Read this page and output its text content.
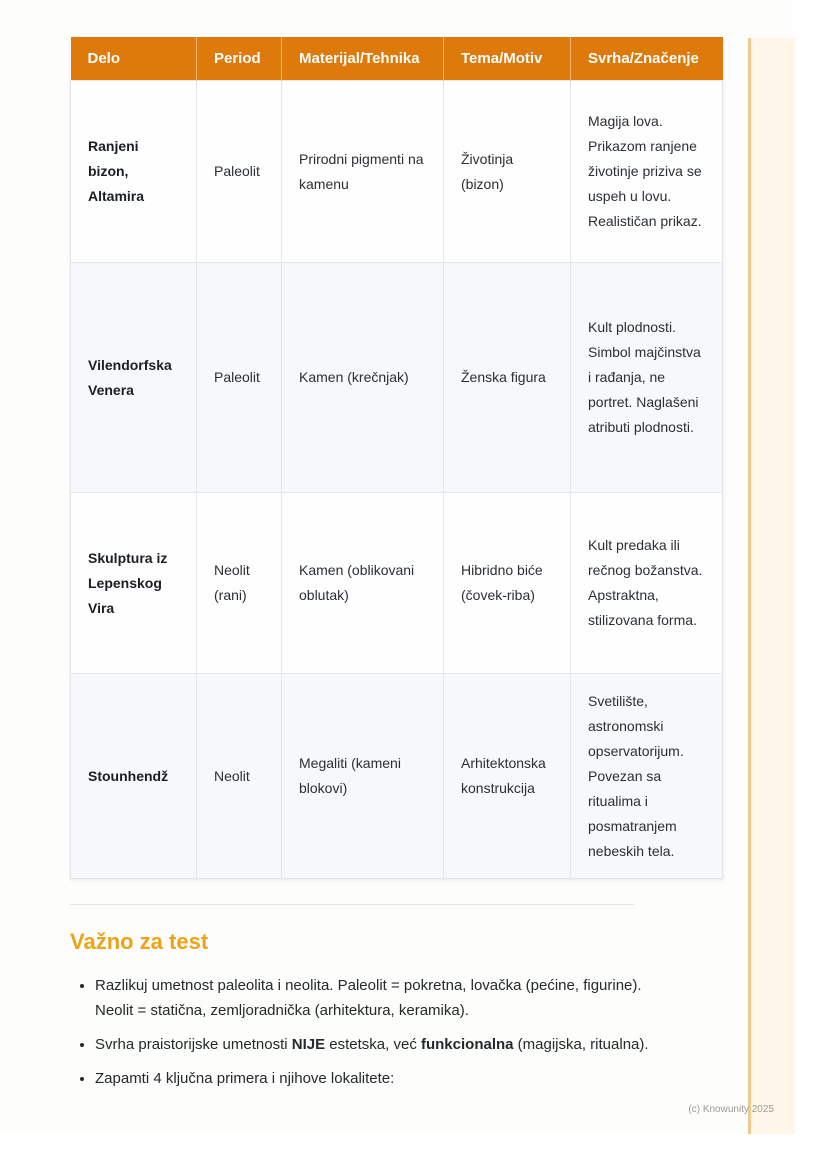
Delo	Period	Materijal/Tehnika	Tema/Motiv	Svrha/Značenje
Ranjeni bizon, Altamira	Paleolit	Prirodni pigmenti na kamenu	Životinja (bizon)	Magija lova. Prikazom ranjene životinje priziva se uspeh u lovu. Realističan prikaz.
Vilendorfska Venera	Paleolit	Kamen (krečnjak)	Ženska figura	Kult plodnosti. Simbol majčinstva i rađanja, ne portret. Naglašeni atributi plodnosti.
Skulptura iz Lepenskog Vira	Neolit (rani)	Kamen (oblikovani oblutak)	Hibridno biće (čovek-riba)	Kult predaka ili rečnog božanstva. Apstraktna, stilizovana forma.
Stounhendž	Neolit	Megaliti (kameni blokovi)	Arhitektonska konstrukcija	Svetilište, astronomski opservatorijum. Povezan sa ritualima i posmatranjem nebeskih tela.
Važno za test
• Razlikuj umetnost paleolita i neolita. Paleolit = pokretna, lovačka (pećine, figurine). Neolit = statična, zemljoradnička (arhitektura, keramika).
• Svrha praistorijske umetnosti NIJE estetska, već funkcionalna (magijska, ritualna).
• Zapamti 4 ključna primera i njihove lokalitete:
(c) Knowunity 2025
